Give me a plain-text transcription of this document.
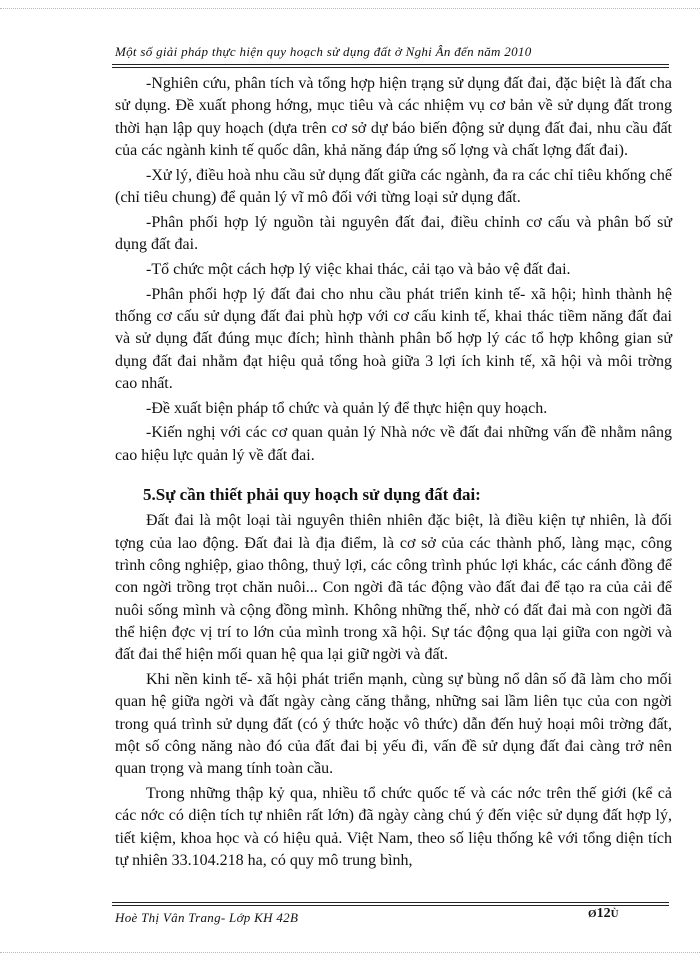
Một số giải pháp thực hiện quy hoạch sử dụng đất ở Nghi Ân đến năm 2010

-Nghiên cứu, phân tích và tổng hợp hiện trạng sử dụng đất đai, đặc biệt là đất cha sử dụng. Đề xuất phong hớng, mục tiêu và các nhiệm vụ cơ bản về sử dụng đất trong thời hạn lập quy hoạch (dựa trên cơ sở dự báo biến động sử dụng đất đai, nhu cầu đất của các ngành kinh tế quốc dân, khả năng đáp ứng số lợng và chất lợng đất đai).

-Xử lý, điều hoà nhu cầu sử dụng đất giữa các ngành, đa ra các chỉ tiêu khống chế (chỉ tiêu chung) để quản lý vĩ mô đối với từng loại sử dụng đất.

-Phân phối hợp lý nguồn tài nguyên đất đai, điều chỉnh cơ cấu và phân bố sử dụng đất đai.

-Tổ chức một cách hợp lý việc khai thác, cải tạo và bảo vệ đất đai.

-Phân phối hợp lý đất đai cho nhu cầu phát triển kinh tế- xã hội; hình thành hệ thống cơ cấu sử dụng đất đai phù hợp với cơ cấu kinh tế, khai thác tiềm năng đất đai và sử dụng đất đúng mục đích; hình thành phân bố hợp lý các tổ hợp không gian sử dụng đất đai nhằm đạt hiệu quả tổng hoà giữa 3 lợi ích kinh tế, xã hội và môi trờng cao nhất.

-Đề xuất biện pháp tổ chức và quản lý để thực hiện quy hoạch.

-Kiến nghị với các cơ quan quản lý Nhà nớc về đất đai những vấn đề nhằm nâng cao hiệu lực quản lý về đất đai.

5.Sự cần thiết phải quy hoạch sử dụng đất đai:

Đất đai là một loại tài nguyên thiên nhiên đặc biệt, là điều kiện tự nhiên, là đối tợng của lao động. Đất đai là địa điểm, là cơ sở của các thành phố, làng mạc, công trình công nghiệp, giao thông, thuỷ lợi, các công trình phúc lợi khác, các cánh đồng để con ngời trồng trọt chăn nuôi... Con ngời đã tác động vào đất đai để tạo ra của cải để nuôi sống mình và cộng đồng mình. Không những thế, nhờ có đất đai mà con ngời đã thể hiện đợc vị trí to lớn của mình trong xã hội. Sự tác động qua lại giữa con ngời và đất đai thể hiện mối quan hệ qua lại giữ ngời và đất.

Khi nền kinh tế- xã hội phát triển mạnh, cùng sự bùng nổ dân số đã làm cho mối quan hệ giữa ngời và đất ngày càng căng thẳng, những sai lầm liên tục của con ngời trong quá trình sử dụng đất (có ý thức hoặc vô thức) dẫn đến huỷ hoại môi trờng đất, một số công năng nào đó của đất đai bị yếu đi, vấn đề sử dụng đất đai càng trở nên quan trọng và mang tính toàn cầu.

Trong những thập kỷ qua, nhiều tổ chức quốc tế và các nớc trên thế giới (kể cả các nớc có diện tích tự nhiên rất lớn) đã ngày càng chú ý đến việc sử dụng đất hợp lý, tiết kiệm, khoa học và có hiệu quả. Việt Nam, theo số liệu thống kê với tổng diện tích tự nhiên 33.104.218 ha, có quy mô trung bình,

Hoè Thị Vân Trang- Lớp KH 42B	Ø12Ù
